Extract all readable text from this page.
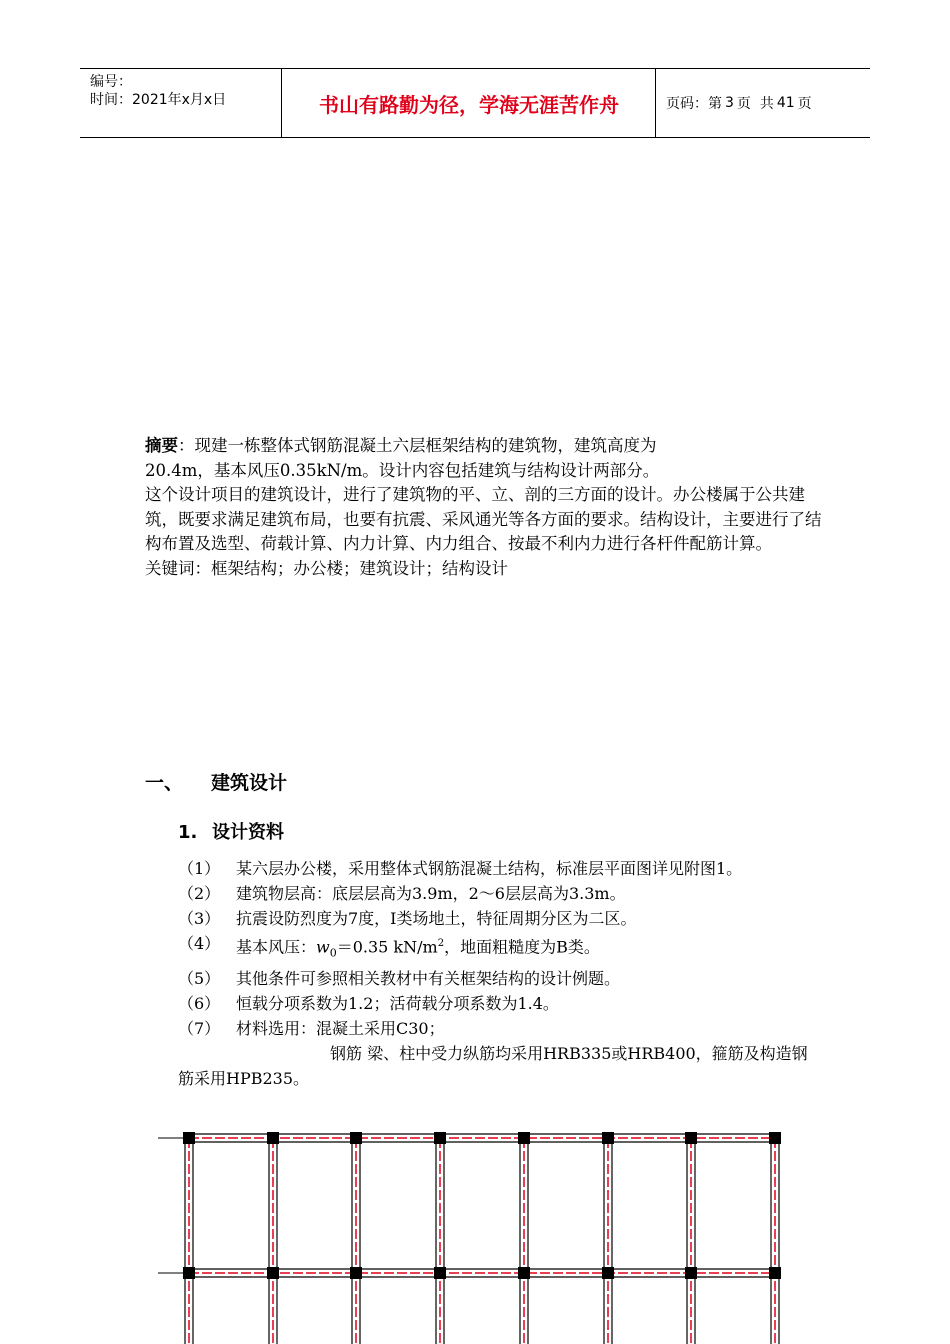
编号：
时间：2021年x月x日	书山有路勤为径，学海无涯苦作舟	页码：第 3 页  共 41 页

摘要：现建一栋整体式钢筋混凝土六层框架结构的建筑物，建筑高度为

20.4m，基本风压0.35kN/m。设计内容包括建筑与结构设计两部分。

这个设计项目的建筑设计，进行了建筑物的平、立、剖的三方面的设计。办公楼属于公共建筑，既要求满足建筑布局，也要有抗震、采风通光等各方面的要求。结构设计，主要进行了结构布置及选型、荷载计算、内力计算、内力组合、按最不利内力进行各杆件配筋计算。

关键词：框架结构；办公楼；建筑设计；结构设计

一、 建筑设计
1. 设计资料
（1） 某六层办公楼，采用整体式钢筋混凝土结构，标准层平面图详见附图1。
（2） 建筑物层高：底层层高为3.9m，2～6层层高为3.3m。
（3） 抗震设防烈度为7度，Ⅰ类场地土，特征周期分区为二区。
（4） 基本风压：$w_0=0.35$ $kN/m^2$，地面粗糙度为B类。
（5） 其他条件可参照相关教材中有关框架结构的设计例题。
（6） 恒载分项系数为1.2；活荷载分项系数为1.4。
（7） 材料选用：混凝土采用C30；
钢筋 梁、柱中受力纵筋均采用HRB335或HRB400，箍筋及构造钢筋采用HPB235。
